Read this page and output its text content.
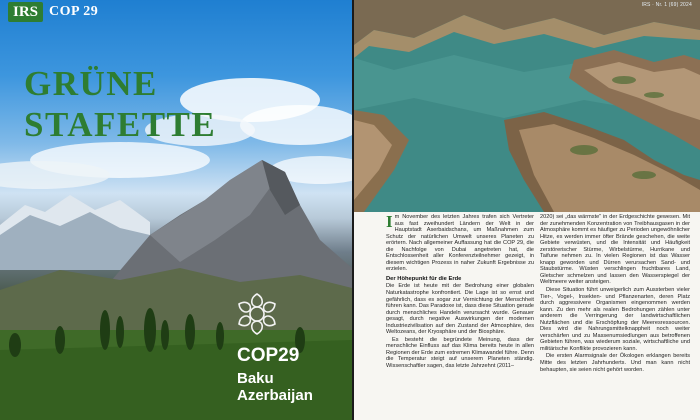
IRS COP 29
GRÜNE
STAFETTE
COP29
Baku
Azerbaijan
IRS · Nr. 1 (69) 2024

Im November des letzten Jahres trafen sich Vertreter aus fast zweihundert Ländern der Welt in der Hauptstadt Aserbaidschans, um Maßnahmen zum Schutz der natürlichen Umwelt unseres Planeten zu erörtern. Nach allgemeiner Auffassung hat die COP 29, die die Nachfolge von Dubai angetreten hat, die Entschlossenheit aller Konferenzteilnehmer gezeigt, in diesem wichtigen Prozess in naher Zukunft Ergebnisse zu erzielen.

Der Höhepunkt für die Erde

Die Erde ist heute mit der Bedrohung einer globalen Naturkatastrophe konfrontiert. Die Lage ist so ernst und gefährlich, dass es sogar zur Vernichtung der Menschheit führen kann. Das Paradoxe ist, dass diese Situation gerade durch menschliches Handeln verursacht wurde. Genauer gesagt, durch negative Auswirkungen der modernen Industriezivilisation auf den Zustand der Atmosphäre, des Weltozeans, der Kryosphäre und der Biosphäre.

Es besteht die begründete Meinung, dass der menschliche Einfluss auf das Klima bereits heute in allen Regionen der Erde zum extremen Klimawandel führe. Denn die Temperatur steigt auf unserem Planeten ständig. Wissenschaftler sagen, das letzte Jahrzehnt (2011–

2020) sei „das wärmste“ in der Erdgeschichte gewesen. Mit der zunehmenden Konzentration von Treibhausgasen in der Atmosphäre kommt es häufiger zu Perioden ungewöhnlicher Hitze, es werden immer öfter Brände geschehen, die weite Gebiete verwüsten, und die Intensität und Häufigkeit zerstörerischer Stürme, Wirbelstürme, Hurrikane und Taifune nehmen zu. In vielen Regionen ist das Wasser knapp geworden und Dürren verursachen Sand- und Staubstürme. Wüsten verschlingen fruchtbares Land, Gletscher schmelzen und lassen den Wasserspiegel der Weltmeere weiter ansteigen.

Diese Situation führt unweigerlich zum Aussterben vieler Tier-, Vogel-, Insekten- und Pflanzenarten, deren Platz durch aggressivere Organismen eingenommen werden kann. Zu den mehr als realen Bedrohungen zählen unter anderem die Verringerung der landwirtschaftlichen Nutzflächen und die Erschöpfung der Meeresressourcen. Dies wird die Nahrungsmittelknappheit noch weiter verschärfen und zu Massenumsiedlungen aus betroffenen Gebieten führen, was wiederum soziale, wirtschaftliche und militärische Konflikte provozieren kann.

Die ersten Alarmsignale der Ökologen erklangen bereits Mitte des letzten Jahrhunderts. Und man kann nicht behaupten, sie seien nicht gehört worden.
